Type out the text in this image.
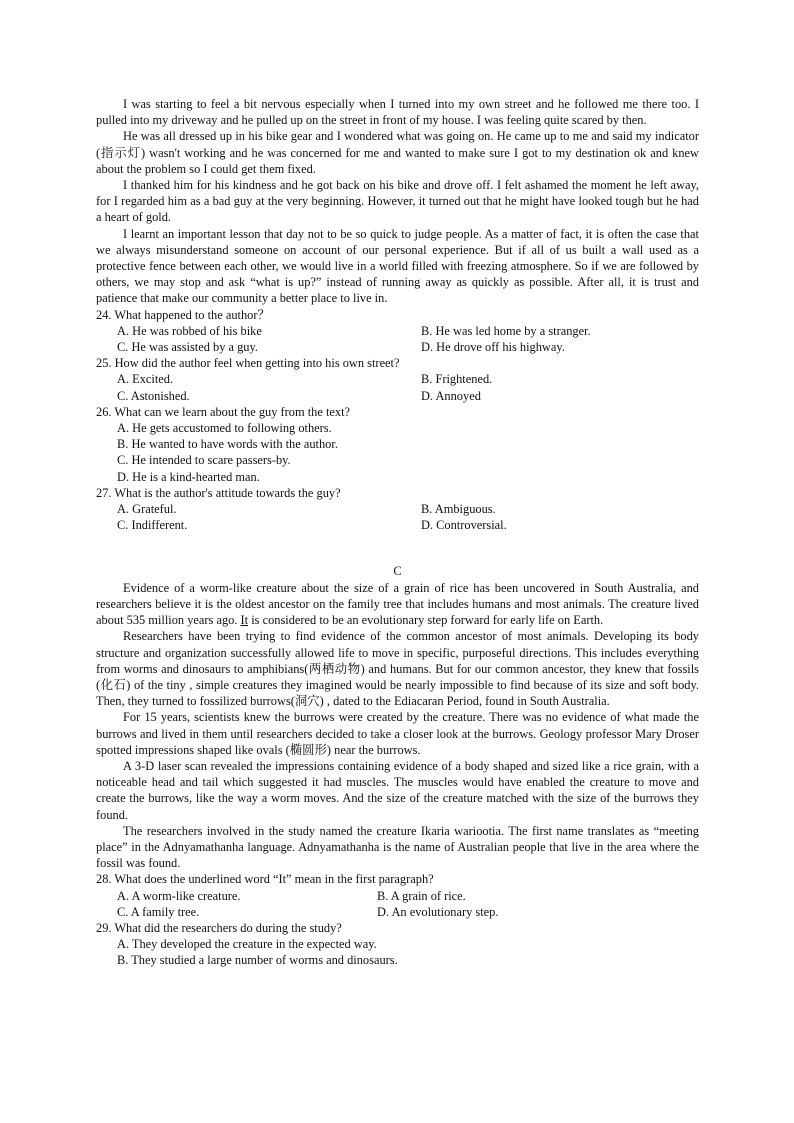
I was starting to feel a bit nervous especially when I turned into my own street and he followed me there too. I pulled into my driveway and he pulled up on the street in front of my house. I was feeling quite scared by then.

He was all dressed up in his bike gear and I wondered what was going on. He came up to me and said my indicator (指示灯) wasn't working and he was concerned for me and wanted to make sure I got to my destination ok and knew about the problem so I could get them fixed.

I thanked him for his kindness and he got back on his bike and drove off. I felt ashamed the moment he left away, for I regarded him as a bad guy at the very beginning. However, it turned out that he might have looked tough but he had a heart of gold.

I learnt an important lesson that day not to be so quick to judge people. As a matter of fact, it is often the case that we always misunderstand someone on account of our personal experience. But if all of us built a wall used as a protective fence between each other, we would live in a world filled with freezing atmosphere. So if we are followed by others, we may stop and ask “what is up?” instead of running away as quickly as possible. After all, it is trust and patience that make our community a better place to live in.

24. What happened to the author？

A. He was robbed of his bike	B. He was led home by a stranger.
C. He was assisted by a guy.	D. He drove off his highway.

25. How did the author feel when getting into his own street?

A. Excited.	B. Frightened.
C. Astonished.	D. Annoyed

26. What can we learn about the guy from the text?

A. He gets accustomed to following others.

B. He wanted to have words with the author.

C. He intended to scare passers-by.

D. He is a kind-hearted man.

27. What is the author's attitude towards the guy?

A. Grateful.	B. Ambiguous.
C. Indifferent.	D. Controversial.
C

Evidence of a worm-like creature about the size of a grain of rice has been uncovered in South Australia, and researchers believe it is the oldest ancestor on the family tree that includes humans and most animals. The creature lived about 535 million years ago. It is considered to be an evolutionary step forward for early life on Earth.

Researchers have been trying to find evidence of the common ancestor of most animals. Developing its body structure and organization successfully allowed life to move in specific, purposeful directions. This includes everything from worms and dinosaurs to amphibians(两栖动物) and humans. But for our common ancestor, they knew that fossils (化石) of the tiny , simple creatures they imagined would be nearly impossible to find because of its size and soft body. Then, they turned to fossilized burrows(洞穴) , dated to the Ediacaran Period, found in South Australia.

For 15 years, scientists knew the burrows were created by the creature. There was no evidence of what made the burrows and lived in them until researchers decided to take a closer look at the burrows. Geology professor Mary Droser spotted impressions shaped like ovals (椭圆形) near the burrows.

A 3-D laser scan revealed the impressions containing evidence of a body shaped and sized like a rice grain, with a noticeable head and tail which suggested it had muscles. The muscles would have enabled the creature to move and create the burrows, like the way a worm moves. And the size of the creature matched with the size of the burrows they found.

The researchers involved in the study named the creature Ikaria wariootia. The first name translates as “meeting place” in the Adnyamathanha language. Adnyamathanha is the name of Australian people that live in the area where the fossil was found.

28. What does the underlined word “It” mean in the first paragraph?

A. A worm-like creature.	B. A grain of rice.
C. A family tree.	D. An evolutionary step.

29. What did the researchers do during the study?

A. They developed the creature in the expected way.

B. They studied a large number of worms and dinosaurs.
